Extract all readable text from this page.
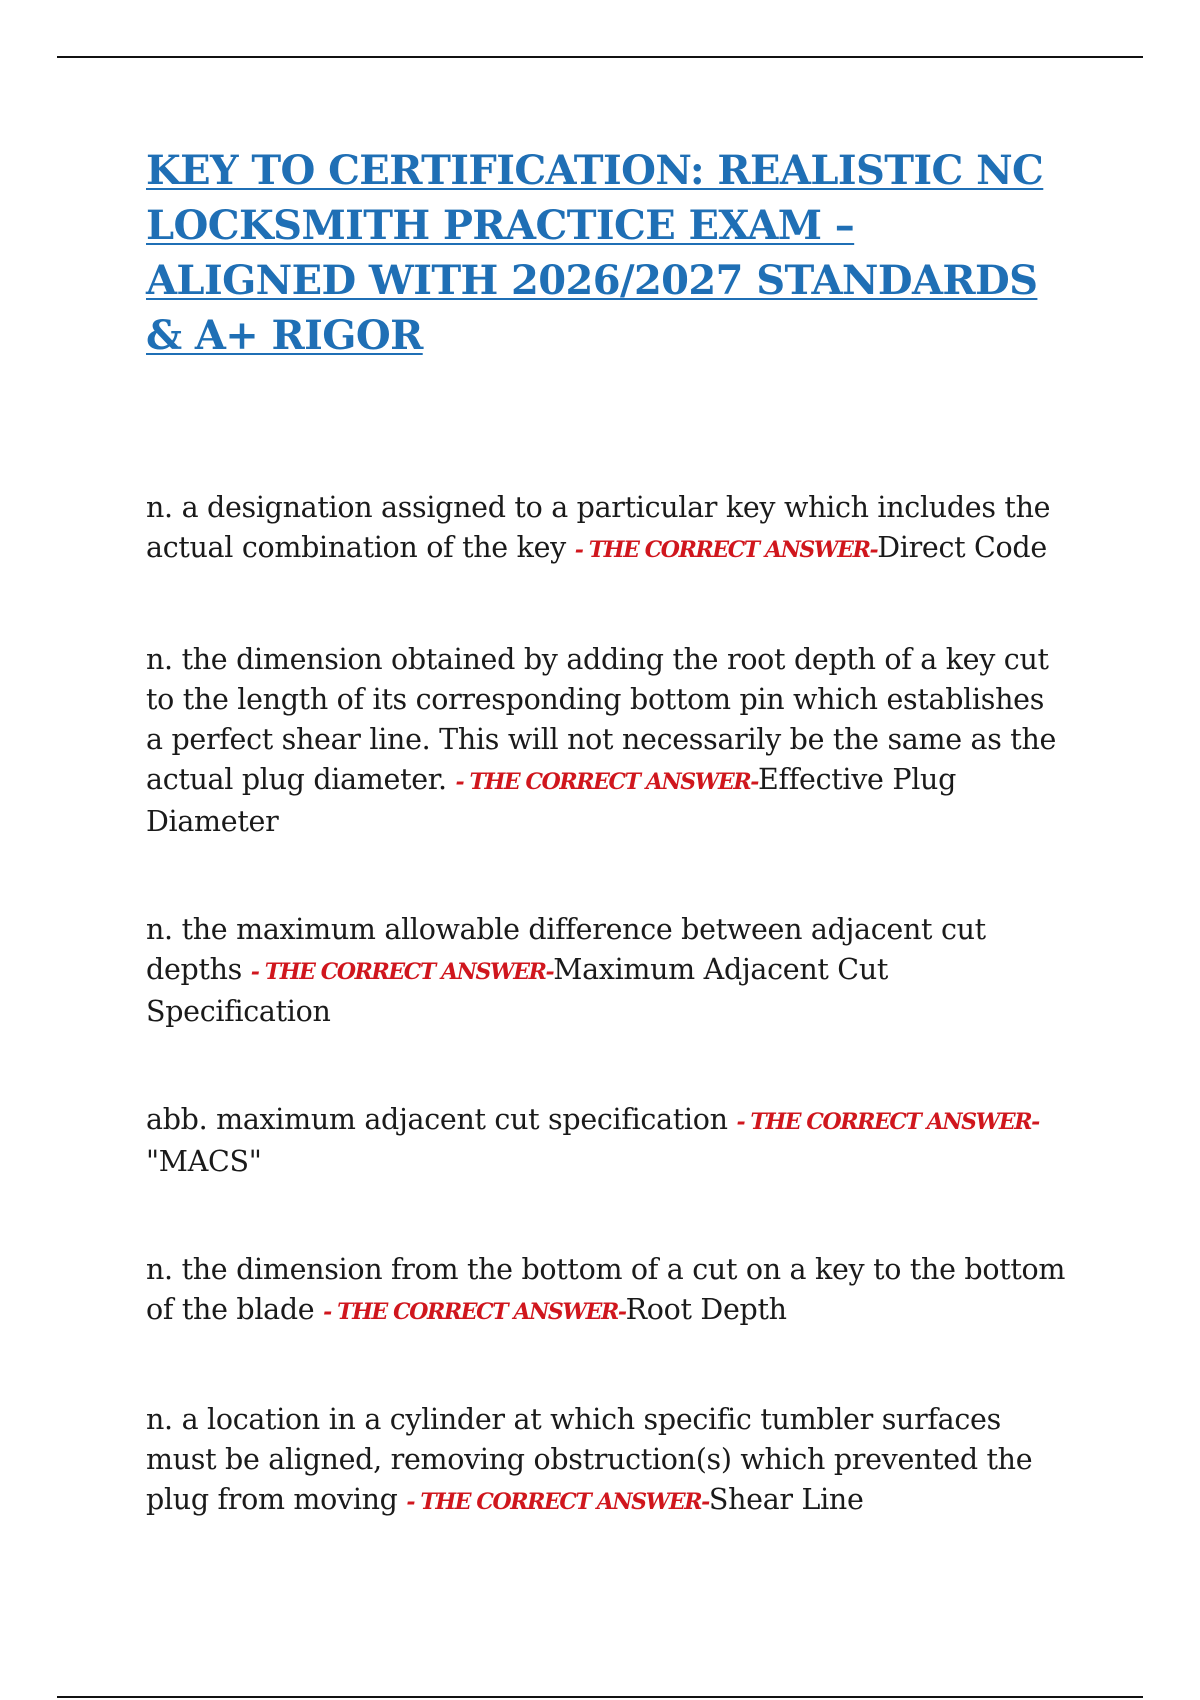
KEY TO CERTIFICATION: REALISTIC NC LOCKSMITH PRACTICE EXAM – ALIGNED WITH 2026/2027 STANDARDS & A+ RIGOR

n. a designation assigned to a particular key which includes the actual combination of the key - THE CORRECT ANSWER-Direct Code

n. the dimension obtained by adding the root depth of a key cut to the length of its corresponding bottom pin which establishes a perfect shear line. This will not necessarily be the same as the actual plug diameter. - THE CORRECT ANSWER-Effective Plug Diameter

n. the maximum allowable difference between adjacent cut depths - THE CORRECT ANSWER-Maximum Adjacent Cut Specification

abb. maximum adjacent cut specification - THE CORRECT ANSWER-"MACS"

n. the dimension from the bottom of a cut on a key to the bottom of the blade - THE CORRECT ANSWER-Root Depth

n. a location in a cylinder at which specific tumbler surfaces must be aligned, removing obstruction(s) which prevented the plug from moving - THE CORRECT ANSWER-Shear Line
